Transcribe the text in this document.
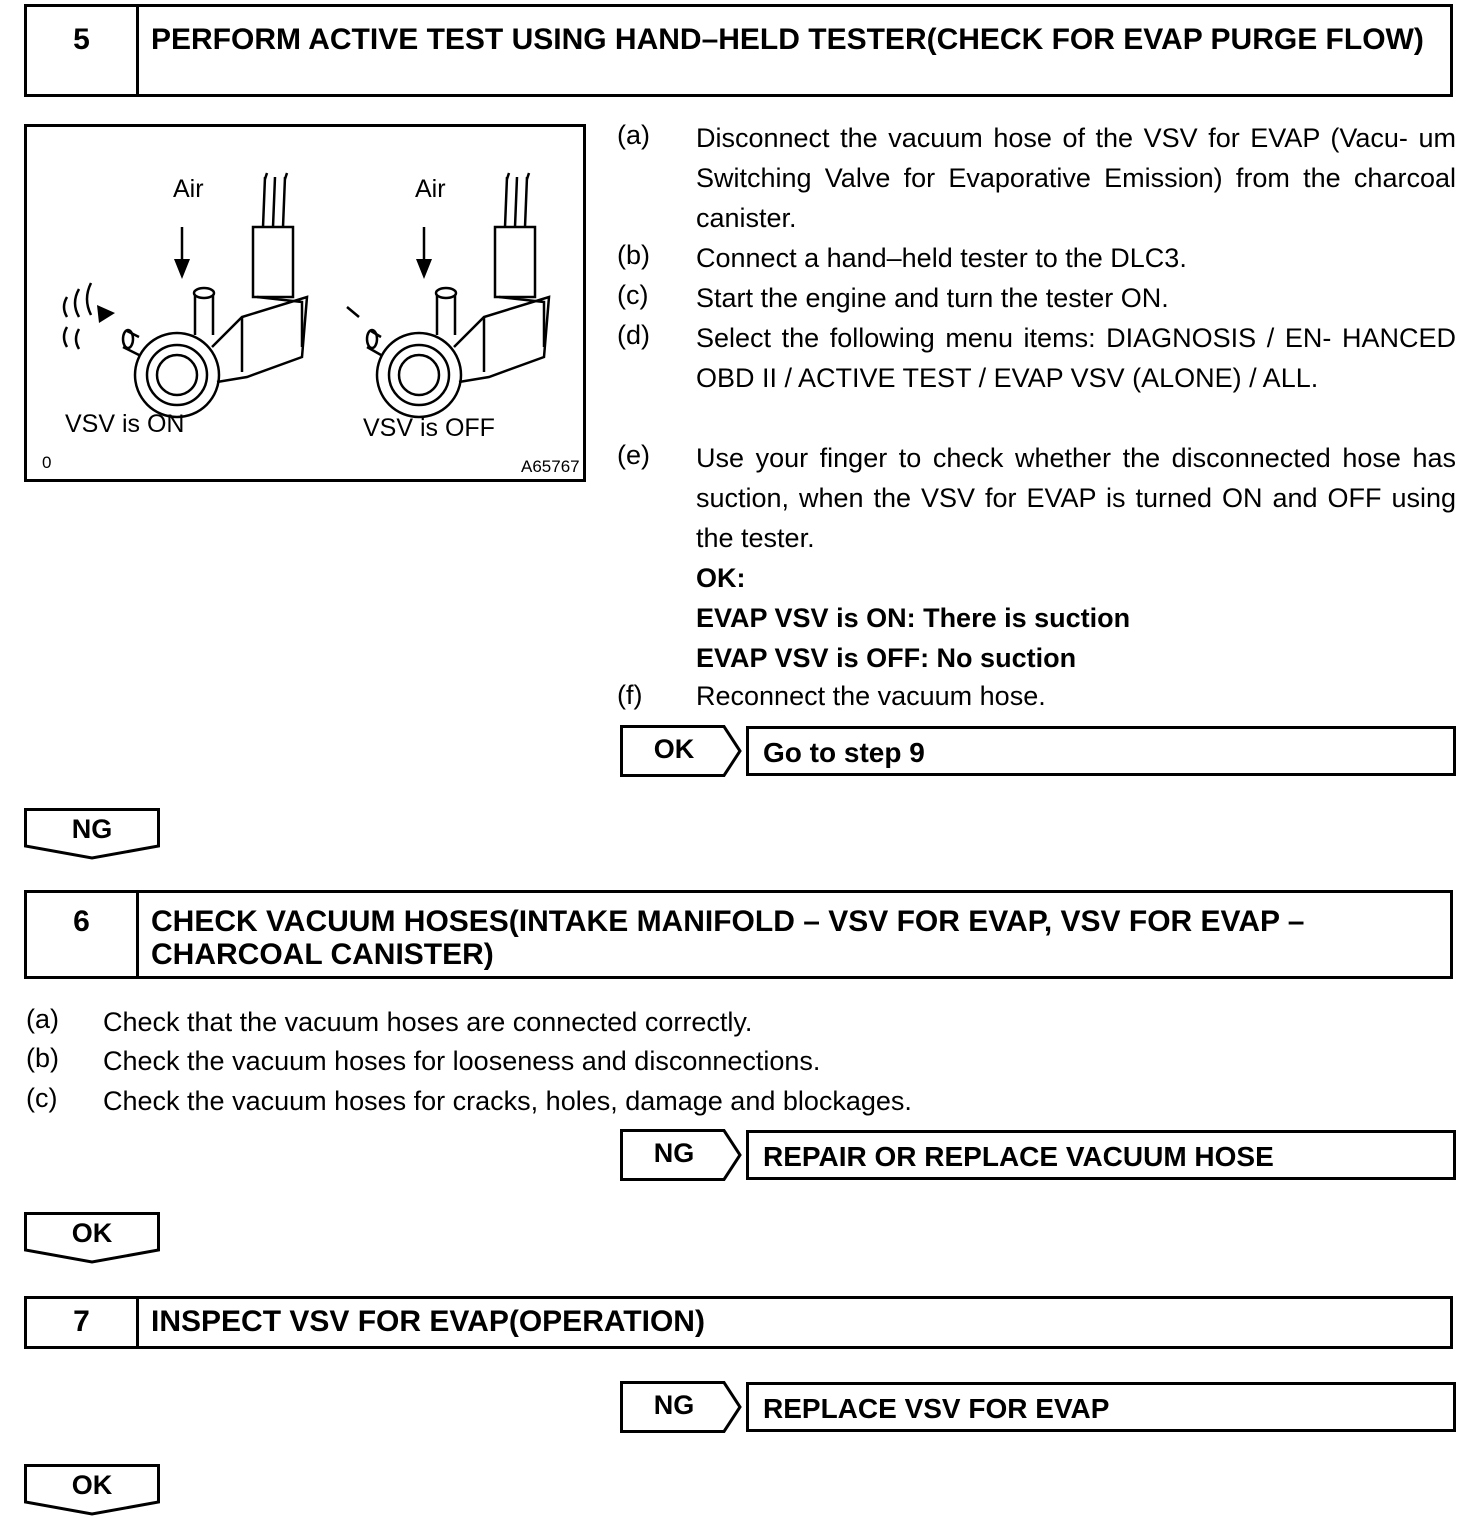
5	PERFORM ACTIVE TEST USING HAND–HELD TESTER(CHECK FOR EVAP PURGE FLOW)
Air	Air
VSV is ON	VSV is OFF
0	A65767
(a) Disconnect the vacuum hose of the VSV for EVAP (Vacu- um Switching Valve for Evaporative Emission) from the charcoal canister.
(b) Connect a hand–held tester to the DLC3.
(c) Start the engine and turn the tester ON.
(d) Select the following menu items: DIAGNOSIS / EN- HANCED OBD II / ACTIVE TEST / EVAP VSV (ALONE) / ALL.
(e) Use your finger to check whether the disconnected hose has suction, when the VSV for EVAP is turned ON and OFF using the tester.
OK:
EVAP VSV is ON: There is suction
EVAP VSV is OFF: No suction
(f) Reconnect the vacuum hose.
OK	Go to step 9
NG
6	CHECK VACUUM HOSES(INTAKE MANIFOLD – VSV FOR EVAP, VSV FOR EVAP – CHARCOAL CANISTER)
(a) Check that the vacuum hoses are connected correctly.
(b) Check the vacuum hoses for looseness and disconnections.
(c) Check the vacuum hoses for cracks, holes, damage and blockages.
NG	REPAIR OR REPLACE VACUUM HOSE
OK
7	INSPECT VSV FOR EVAP(OPERATION)
NG	REPLACE VSV FOR EVAP
OK
